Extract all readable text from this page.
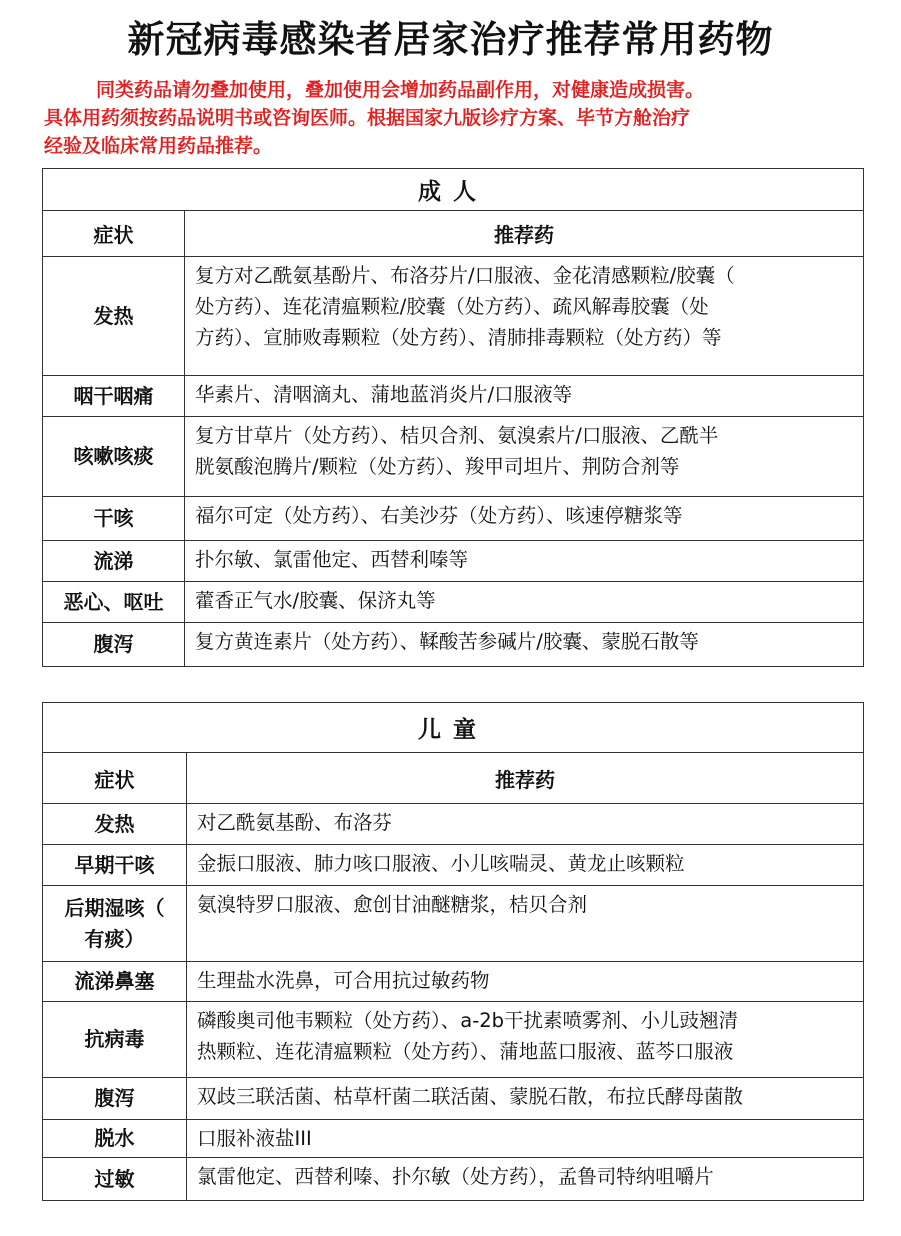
新冠病毒感染者居家治疗推荐常用药物
同类药品请勿叠加使用，叠加使用会增加药品副作用，对健康造成损害。
具体用药须按药品说明书或咨询医师。根据国家九版诊疗方案、毕节方舱治疗
经验及临床常用药品推荐。
成人	
症状	推荐药
发热	复方对乙酰氨基酚片、布洛芬片/口服液、金花清感颗粒/胶囊（
处方药）、连花清瘟颗粒/胶囊（处方药）、疏风解毒胶囊（处
方药）、宣肺败毒颗粒（处方药）、清肺排毒颗粒（处方药）等
咽干咽痛	华素片、清咽滴丸、蒲地蓝消炎片/口服液等
咳嗽咳痰	复方甘草片（处方药）、桔贝合剂、氨溴索片/口服液、乙酰半
胱氨酸泡腾片/颗粒（处方药）、羧甲司坦片、荆防合剂等
干咳	福尔可定（处方药）、右美沙芬（处方药）、咳速停糖浆等
流涕	扑尔敏、氯雷他定、西替利嗪等
恶心、呕吐	藿香正气水/胶囊、保济丸等
腹泻	复方黄连素片（处方药）、鞣酸苦参碱片/胶囊、蒙脱石散等
儿童	
症状	推荐药
发热	对乙酰氨基酚、布洛芬
早期干咳	金振口服液、肺力咳口服液、小儿咳喘灵、黄龙止咳颗粒
后期湿咳（
有痰）	氨溴特罗口服液、愈创甘油醚糖浆，桔贝合剂
流涕鼻塞	生理盐水洗鼻，可合用抗过敏药物
抗病毒	磷酸奥司他韦颗粒（处方药）、a-2b干扰素喷雾剂、小儿豉翘清
热颗粒、连花清瘟颗粒（处方药）、蒲地蓝口服液、蓝芩口服液
腹泻	双歧三联活菌、枯草杆菌二联活菌、蒙脱石散，布拉氏酵母菌散
脱水	口服补液盐III
过敏	氯雷他定、西替利嗪、扑尔敏（处方药），孟鲁司特纳咀嚼片
